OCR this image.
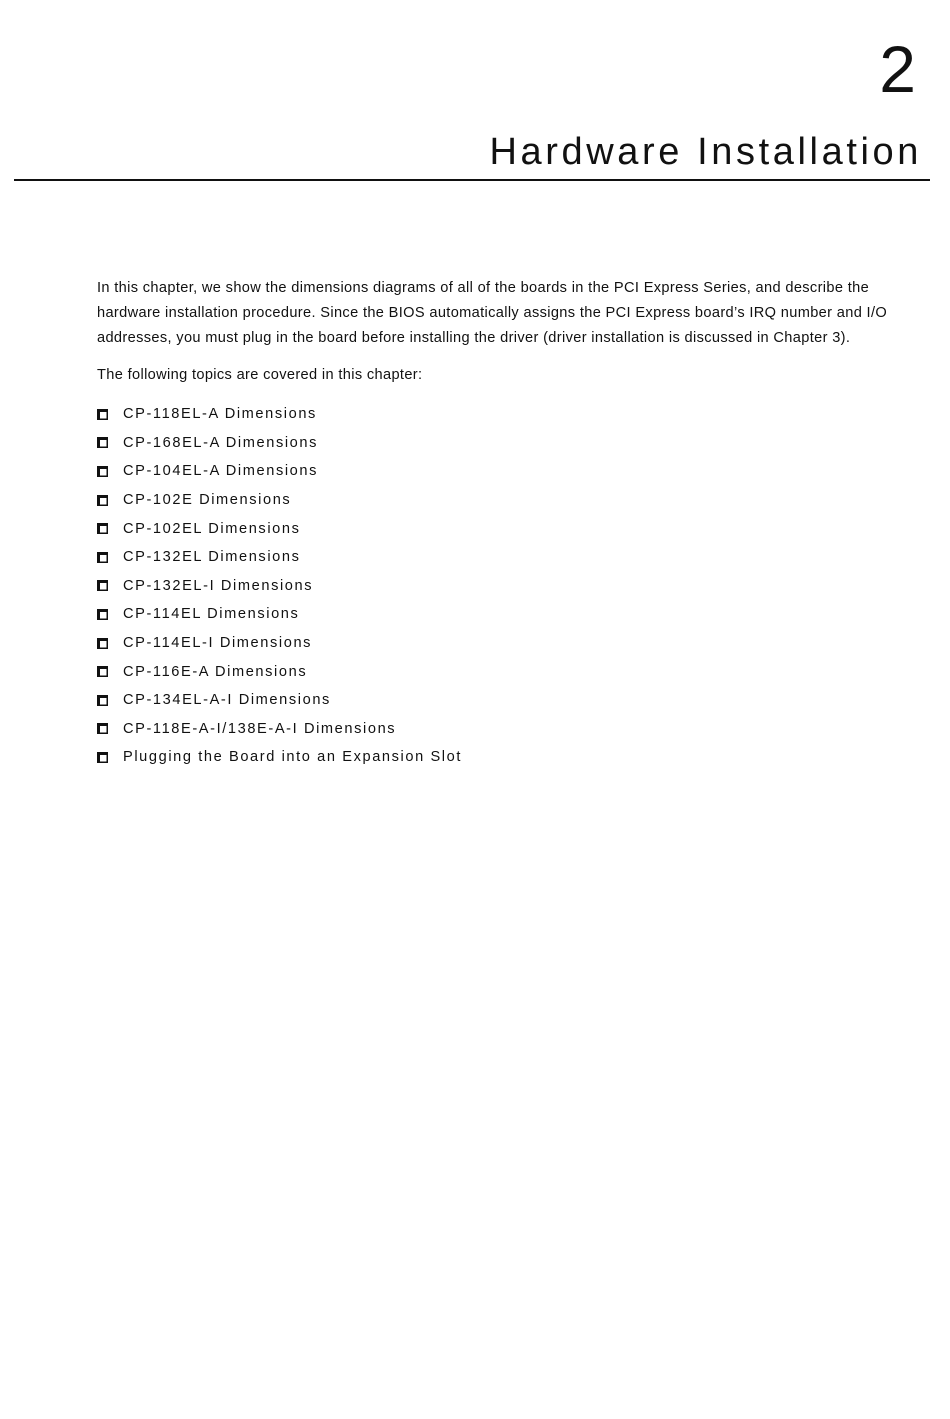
2
Hardware Installation

In this chapter, we show the dimensions diagrams of all of the boards in the PCI Express Series, and describe the hardware installation procedure. Since the BIOS automatically assigns the PCI Express board’s IRQ number and I/O addresses, you must plug in the board before installing the driver (driver installation is discussed in Chapter 3).

The following topics are covered in this chapter:

CP-118EL-A Dimensions
CP-168EL-A Dimensions
CP-104EL-A Dimensions
CP-102E Dimensions
CP-102EL Dimensions
CP-132EL Dimensions
CP-132EL-I Dimensions
CP-114EL Dimensions
CP-114EL-I Dimensions
CP-116E-A Dimensions
CP-134EL-A-I Dimensions
CP-118E-A-I/138E-A-I Dimensions
Plugging the Board into an Expansion Slot
